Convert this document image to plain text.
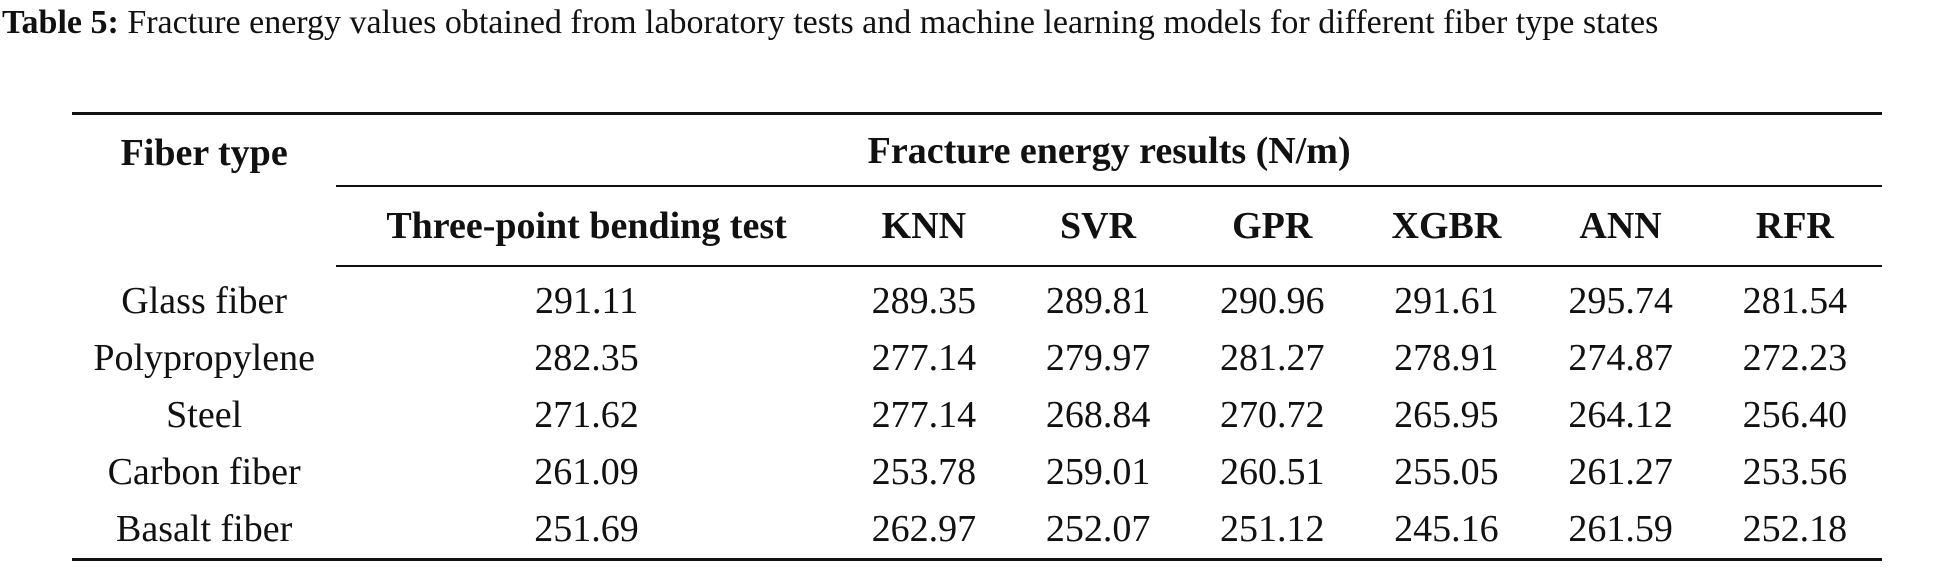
Table 5: Fracture energy values obtained from laboratory tests and machine learning models for different fiber type states
Fiber type	Fracture energy results (N/m)						
	Three-point bending test	KNN	SVR	GPR	XGBR	ANN	RFR
Glass fiber	291.11	289.35	289.81	290.96	291.61	295.74	281.54
Polypropylene	282.35	277.14	279.97	281.27	278.91	274.87	272.23
Steel	271.62	277.14	268.84	270.72	265.95	264.12	256.40
Carbon fiber	261.09	253.78	259.01	260.51	255.05	261.27	253.56
Basalt fiber	251.69	262.97	252.07	251.12	245.16	261.59	252.18
